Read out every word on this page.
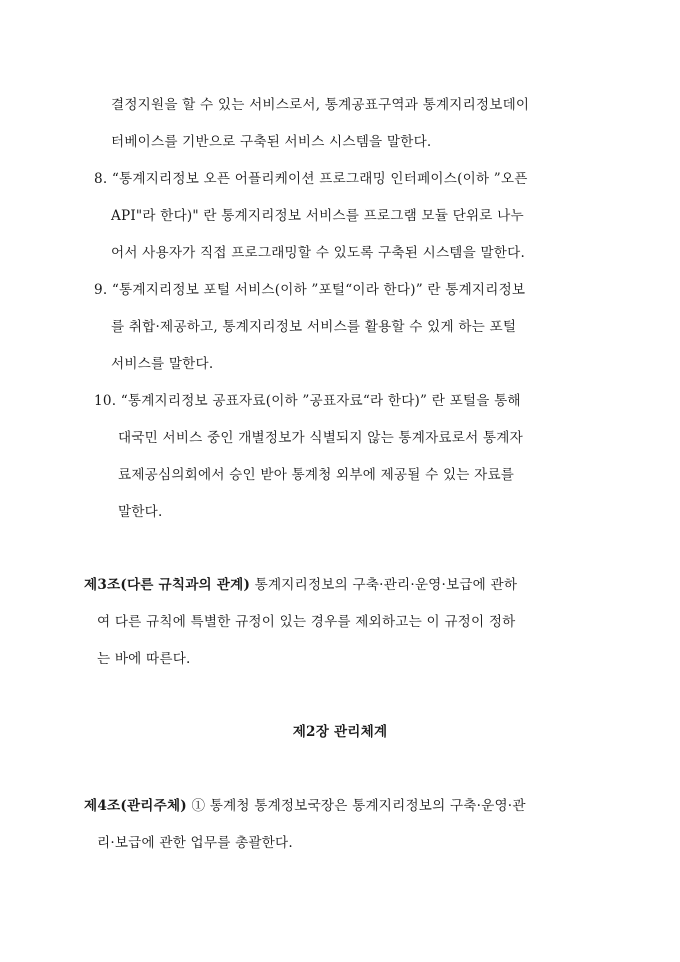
결정지원을 할 수 있는 서비스로서, 통계공표구역과 통계지리정보데이
터베이스를 기반으로 구축된 서비스 시스템을 말한다.
8. “통계지리정보 오픈 어플리케이션 프로그래밍 인터페이스(이하 ”오픈
API"라 한다)" 란 통계지리정보 서비스를 프로그램 모듈 단위로 나누
어서 사용자가 직접 프로그래밍할 수 있도록 구축된 시스템을 말한다.
9. “통계지리정보 포털 서비스(이하 ”포털“이라 한다)” 란 통계지리정보
를 취합·제공하고, 통계지리정보 서비스를 활용할 수 있게 하는 포털
서비스를 말한다.
10. “통계지리정보 공표자료(이하 ”공표자료“라 한다)” 란 포털을 통해
대국민 서비스 중인 개별정보가 식별되지 않는 통계자료로서 통계자
료제공심의회에서 승인 받아 통계청 외부에 제공될 수 있는 자료를
말한다.
제3조(다른 규칙과의 관계) 통계지리정보의 구축·관리·운영·보급에 관하
여 다른 규칙에 특별한 규정이 있는 경우를 제외하고는 이 규정이 정하
는 바에 따른다.
제2장 관리체계
제4조(관리주체) ① 통계청 통계정보국장은 통계지리정보의 구축·운영·관
리·보급에 관한 업무를 총괄한다.
